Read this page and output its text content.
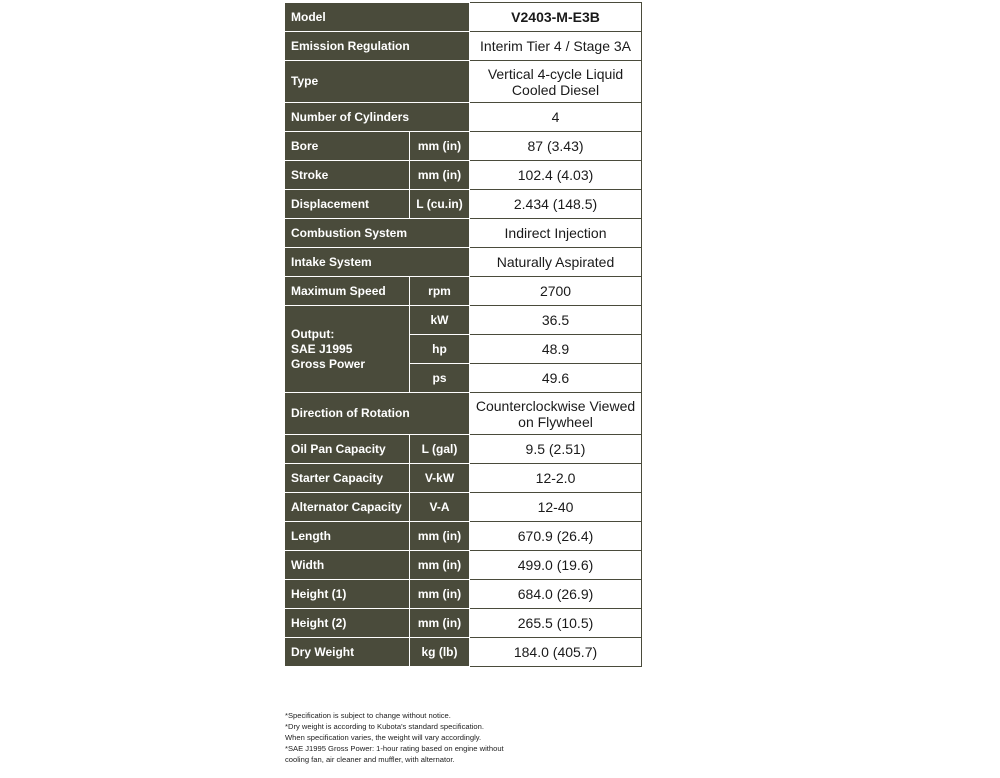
Model		V2403-M-E3B
Emission Regulation		Interim Tier 4 / Stage 3A
Type		Vertical 4-cycle Liquid
Cooled Diesel

Number of Cylinders		4
Bore	mm (in)	87 (3.43)
Stroke	mm (in)	102.4 (4.03)
Displacement	L (cu.in)	2.434 (148.5)
Combustion System		Indirect Injection
Intake System		Naturally Aspirated
Maximum Speed	rpm	2700

Output:
SAE J1995
Gross Power	kW	36.5
	hp	48.9
	ps	49.6
Direction of Rotation		Counterclockwise Viewed
on Flywheel

Oil Pan Capacity	L (gal)	9.5 (2.51)
Starter Capacity	V-kW	12-2.0
Alternator Capacity	V-A	12-40
Length	mm (in)	670.9 (26.4)
Width	mm (in)	499.0 (19.6)
Height (1)	mm (in)	684.0 (26.9)
Height (2)	mm (in)	265.5 (10.5)
Dry Weight	kg (lb)	184.0 (405.7)
*Specification is subject to change without notice.
*Dry weight is according to Kubota's standard specification.
When specification varies, the weight will vary accordingly.
*SAE J1995 Gross Power: 1-hour rating based on engine without
cooling fan, air cleaner and muffler, with alternator.
